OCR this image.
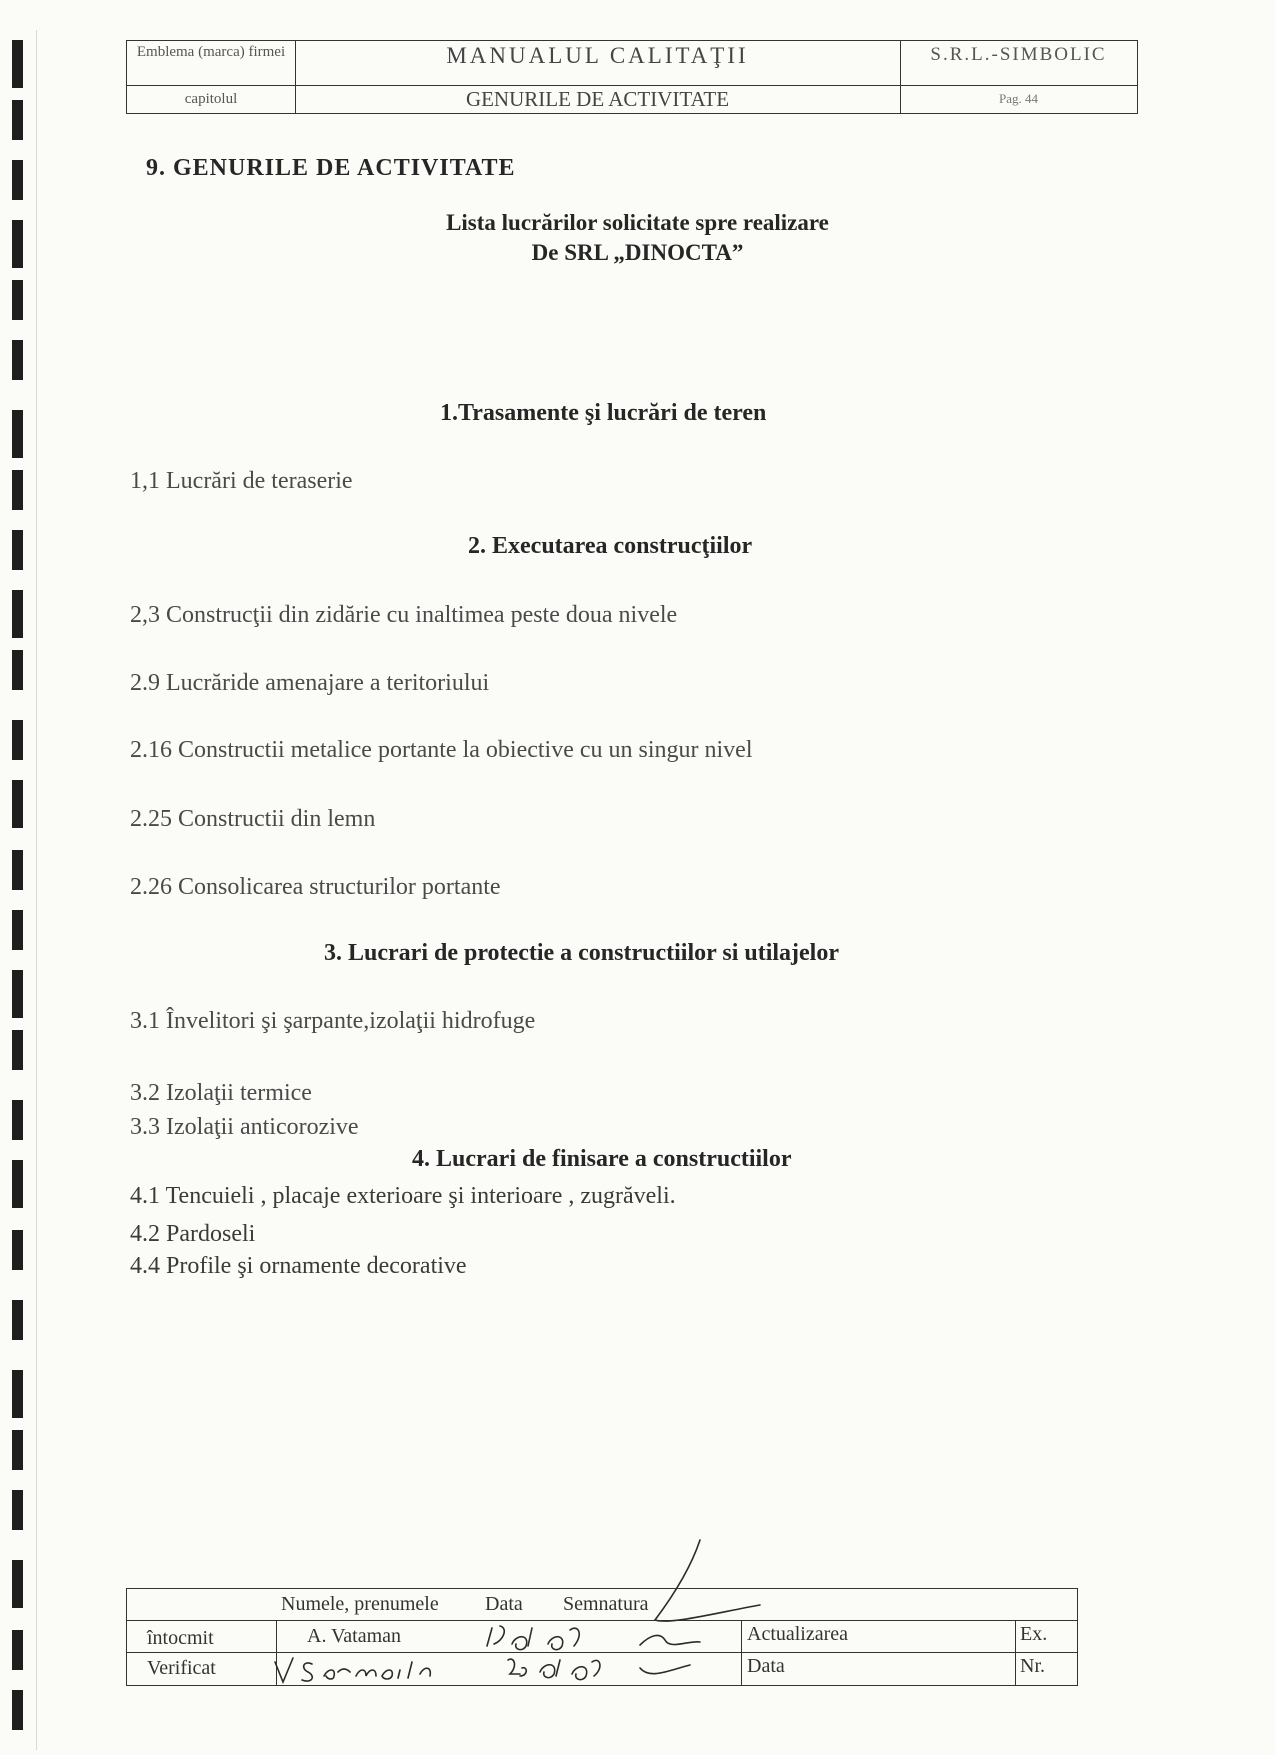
Emblema (marca) firmei
capitolul
MANUALUL CALITAŢII
GENURILE DE ACTIVITATE
S.R.L.-SIMBOLIC
Pag. 44
9. GENURILE DE ACTIVITATE
Lista lucrărilor solicitate spre realizare
De SRL „DINOCTA”
1.Trasamente şi lucrări de teren
1,1 Lucrări de teraserie
2. Executarea construcţiilor
2,3 Construcţii din zidărie cu inaltimea peste doua nivele
2.9 Lucrăride amenajare a teritoriului
2.16 Constructii metalice portante la obiective cu un singur nivel
2.25 Constructii din lemn
2.26 Consolicarea structurilor portante
3. Lucrari de protectie a constructiilor si utilajelor
3.1 Învelitori şi şarpante,izolaţii hidrofuge
3.2 Izolaţii termice
3.3 Izolaţii anticorozive
4. Lucrari de finisare a constructiilor
4.1 Tencuieli , placaje exterioare şi interioare , zugrăveli.
4.2 Pardoseli
4.4 Profile şi ornamente decorative
Numele, prenumele Data Semnatura
întocmit	A. Vataman
Verificat
Actualizarea
Data
Ex.
Nr.
